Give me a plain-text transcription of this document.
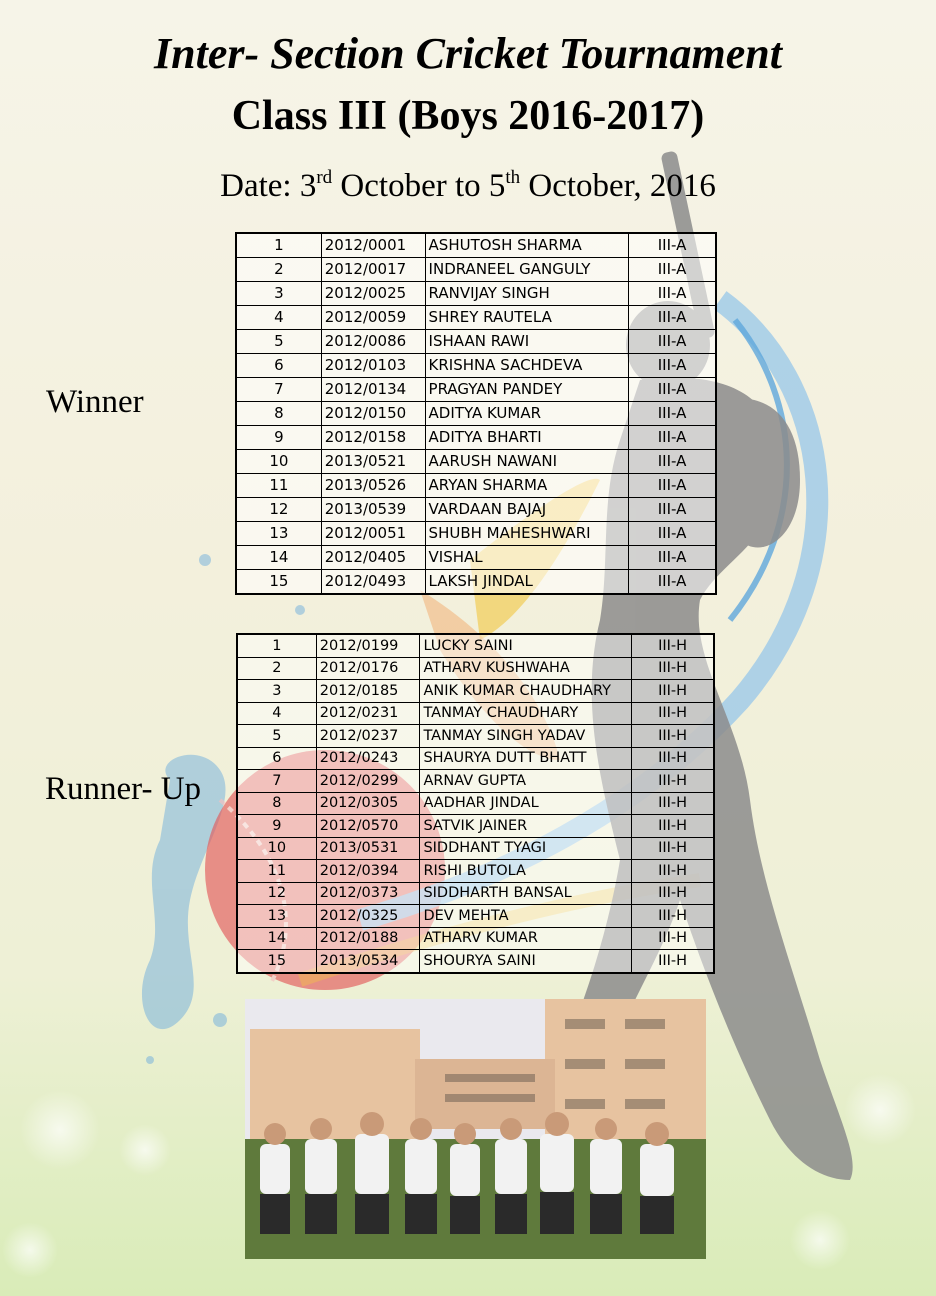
Inter- Section Cricket Tournament
Class III (Boys 2016-2017)
Date: 3rd October to 5th October, 2016
Winner
Runner- Up
1	2012/0001	ASHUTOSH SHARMA	III-A
2	2012/0017	INDRANEEL GANGULY	III-A
3	2012/0025	RANVIJAY SINGH	III-A
4	2012/0059	SHREY RAUTELA	III-A
5	2012/0086	ISHAAN RAWI	III-A
6	2012/0103	KRISHNA SACHDEVA	III-A
7	2012/0134	PRAGYAN PANDEY	III-A
8	2012/0150	ADITYA KUMAR	III-A
9	2012/0158	ADITYA BHARTI	III-A
10	2013/0521	AARUSH NAWANI	III-A
11	2013/0526	ARYAN SHARMA	III-A
12	2013/0539	VARDAAN BAJAJ	III-A
13	2012/0051	SHUBH MAHESHWARI	III-A
14	2012/0405	VISHAL	III-A
15	2012/0493	LAKSH JINDAL	III-A
1	2012/0199	LUCKY SAINI	III-H
2	2012/0176	ATHARV KUSHWAHA	III-H
3	2012/0185	ANIK KUMAR CHAUDHARY	III-H
4	2012/0231	TANMAY CHAUDHARY	III-H
5	2012/0237	TANMAY SINGH YADAV	III-H
6	2012/0243	SHAURYA DUTT BHATT	III-H
7	2012/0299	ARNAV GUPTA	III-H
8	2012/0305	AADHAR JINDAL	III-H
9	2012/0570	SATVIK JAINER	III-H
10	2013/0531	SIDDHANT TYAGI	III-H
11	2012/0394	RISHI BUTOLA	III-H
12	2012/0373	SIDDHARTH BANSAL	III-H
13	2012/0325	DEV MEHTA	III-H
14	2012/0188	ATHARV KUMAR	III-H
15	2013/0534	SHOURYA SAINI	III-H
